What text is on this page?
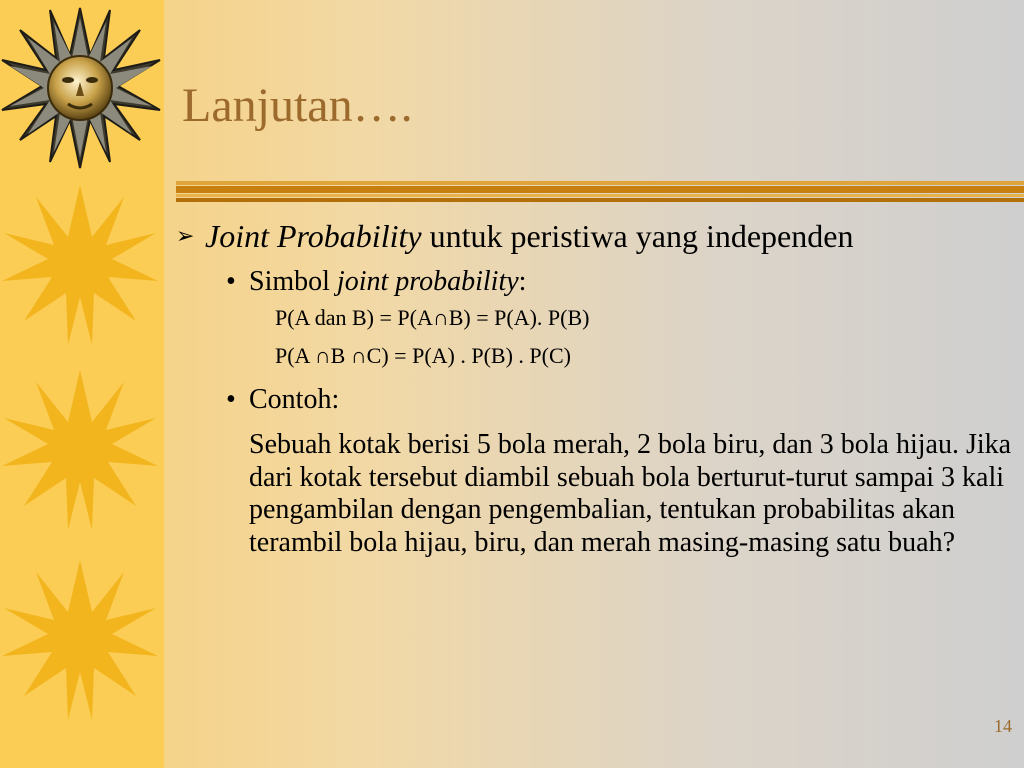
Lanjutan….
➢ Joint Probability untuk peristiwa yang independen
• Simbol joint probability:
P(A dan B) = P(A∩B) = P(A). P(B)
P(A ∩B ∩C) = P(A) . P(B) . P(C)
• Contoh:
Sebuah kotak berisi 5 bola merah, 2 bola biru, dan 3 bola hijau. Jika dari kotak tersebut diambil sebuah bola berturut-turut sampai 3 kali pengambilan dengan pengembalian, tentukan probabilitas akan terambil bola hijau, biru, dan merah masing-masing satu buah?
14
